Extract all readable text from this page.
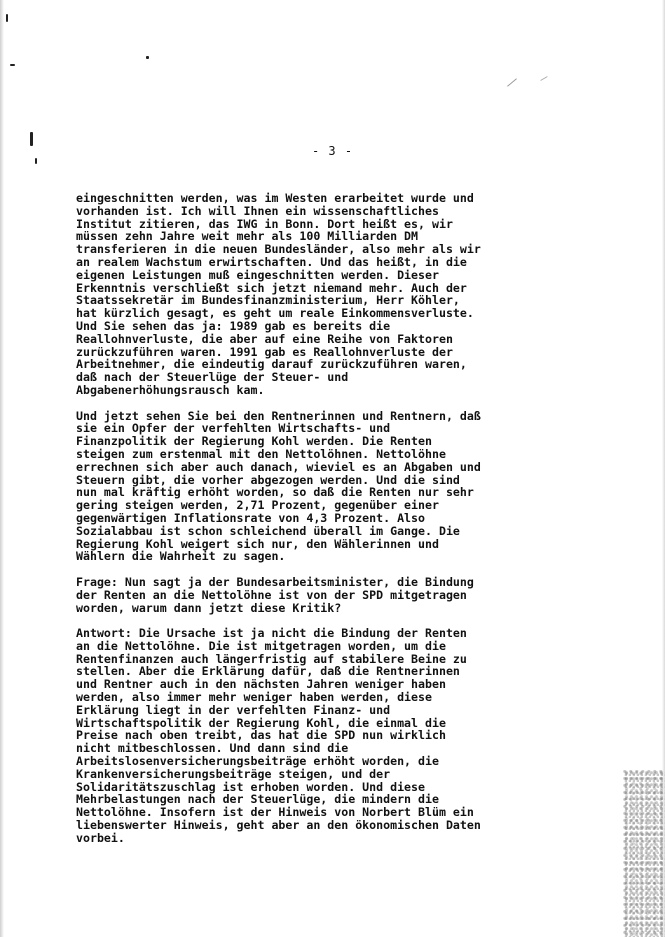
- 3 -

eingeschnitten werden, was im Westen erarbeitet wurde und
vorhanden ist. Ich will Ihnen ein wissenschaftliches
Institut zitieren, das IWG in Bonn. Dort heißt es, wir
müssen zehn Jahre weit mehr als 100 Milliarden DM
transferieren in die neuen Bundesländer, also mehr als wir
an realem Wachstum erwirtschaften. Und das heißt, in die
eigenen Leistungen muß eingeschnitten werden. Dieser
Erkenntnis verschließt sich jetzt niemand mehr. Auch der
Staatssekretär im Bundesfinanzministerium, Herr Köhler,
hat kürzlich gesagt, es geht um reale Einkommensverluste.
Und Sie sehen das ja: 1989 gab es bereits die
Reallohnverluste, die aber auf eine Reihe von Faktoren
zurückzuführen waren. 1991 gab es Reallohnverluste der
Arbeitnehmer, die eindeutig darauf zurückzuführen waren,
daß nach der Steuerlüge der Steuer- und
Abgabenerhöhungsrausch kam.

Und jetzt sehen Sie bei den Rentnerinnen und Rentnern, daß
sie ein Opfer der verfehlten Wirtschafts- und
Finanzpolitik der Regierung Kohl werden. Die Renten
steigen zum erstenmal mit den Nettolöhnen. Nettolöhne
errechnen sich aber auch danach, wieviel es an Abgaben und
Steuern gibt, die vorher abgezogen werden. Und die sind
nun mal kräftig erhöht worden, so daß die Renten nur sehr
gering steigen werden, 2,71 Prozent, gegenüber einer
gegenwärtigen Inflationsrate von 4,3 Prozent. Also
Sozialabbau ist schon schleichend überall im Gange. Die
Regierung Kohl weigert sich nur, den Wählerinnen und
Wählern die Wahrheit zu sagen.

Frage: Nun sagt ja der Bundesarbeitsminister, die Bindung
der Renten an die Nettolöhne ist von der SPD mitgetragen
worden, warum dann jetzt diese Kritik?

Antwort: Die Ursache ist ja nicht die Bindung der Renten
an die Nettolöhne. Die ist mitgetragen worden, um die
Rentenfinanzen auch längerfristig auf stabilere Beine zu
stellen. Aber die Erklärung dafür, daß die Rentnerinnen
und Rentner auch in den nächsten Jahren weniger haben
werden, also immer mehr weniger haben werden, diese
Erklärung liegt in der verfehlten Finanz- und
Wirtschaftspolitik der Regierung Kohl, die einmal die
Preise nach oben treibt, das hat die SPD nun wirklich
nicht mitbeschlossen. Und dann sind die
Arbeitslosenversicherungsbeiträge erhöht worden, die
Krankenversicherungsbeiträge steigen, und der
Solidaritätszuschlag ist erhoben worden. Und diese
Mehrbelastungen nach der Steuerlüge, die mindern die
Nettolöhne. Insofern ist der Hinweis von Norbert Blüm ein
liebenswerter Hinweis, geht aber an den ökonomischen Daten
vorbei.
